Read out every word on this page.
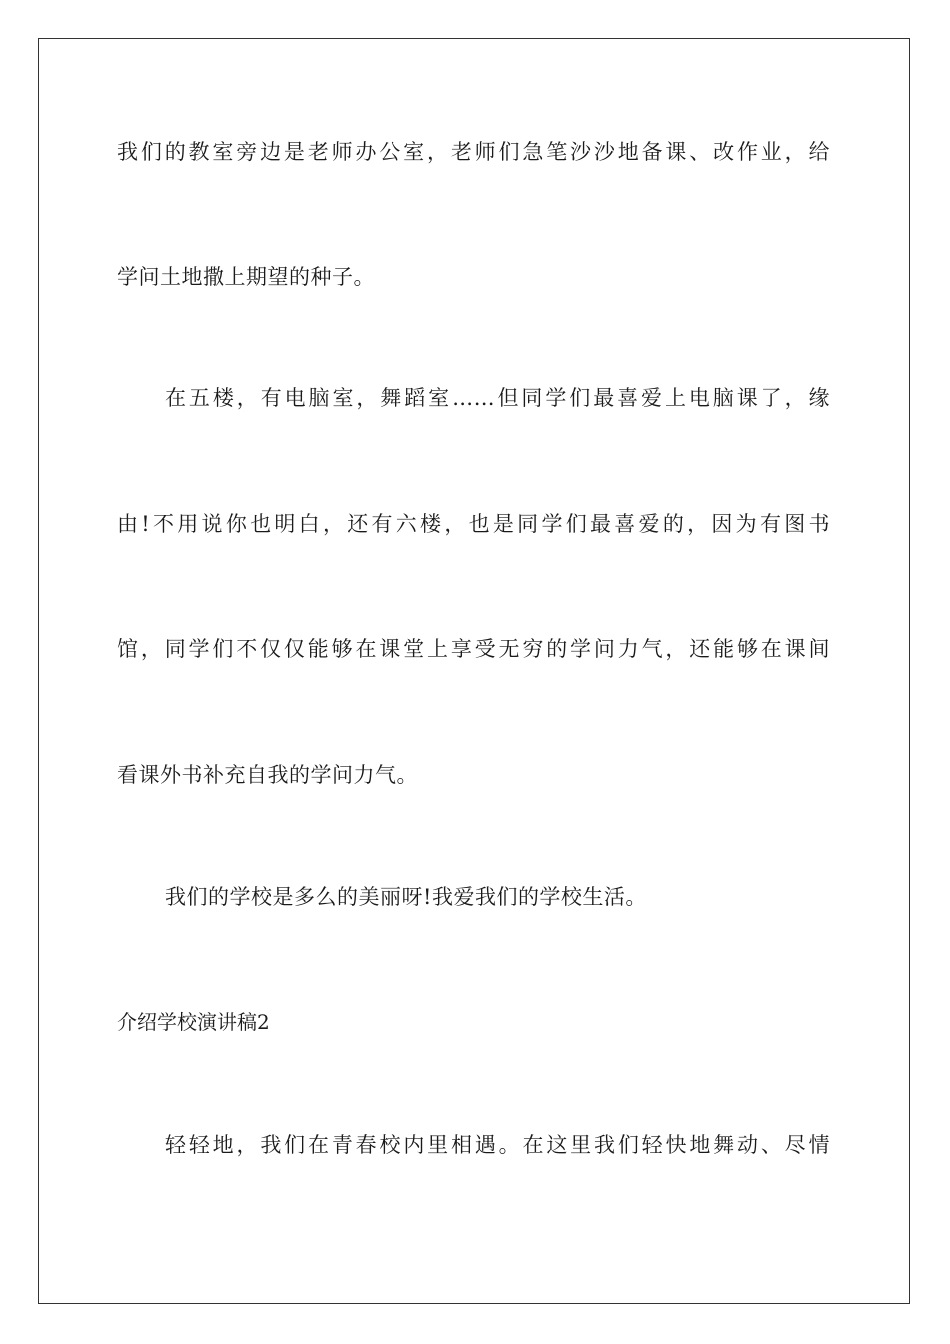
我们的教室旁边是老师办公室，老师们急笔沙沙地备课、改作业，给
学问土地撒上期望的种子。
在五楼，有电脑室，舞蹈室……但同学们最喜爱上电脑课了，缘
由!不用说你也明白，还有六楼，也是同学们最喜爱的，因为有图书
馆，同学们不仅仅能够在课堂上享受无穷的学问力气，还能够在课间
看课外书补充自我的学问力气。
我们的学校是多么的美丽呀!我爱我们的学校生活。
介绍学校演讲稿2
轻轻地，我们在青春校内里相遇。在这里我们轻快地舞动、尽情
